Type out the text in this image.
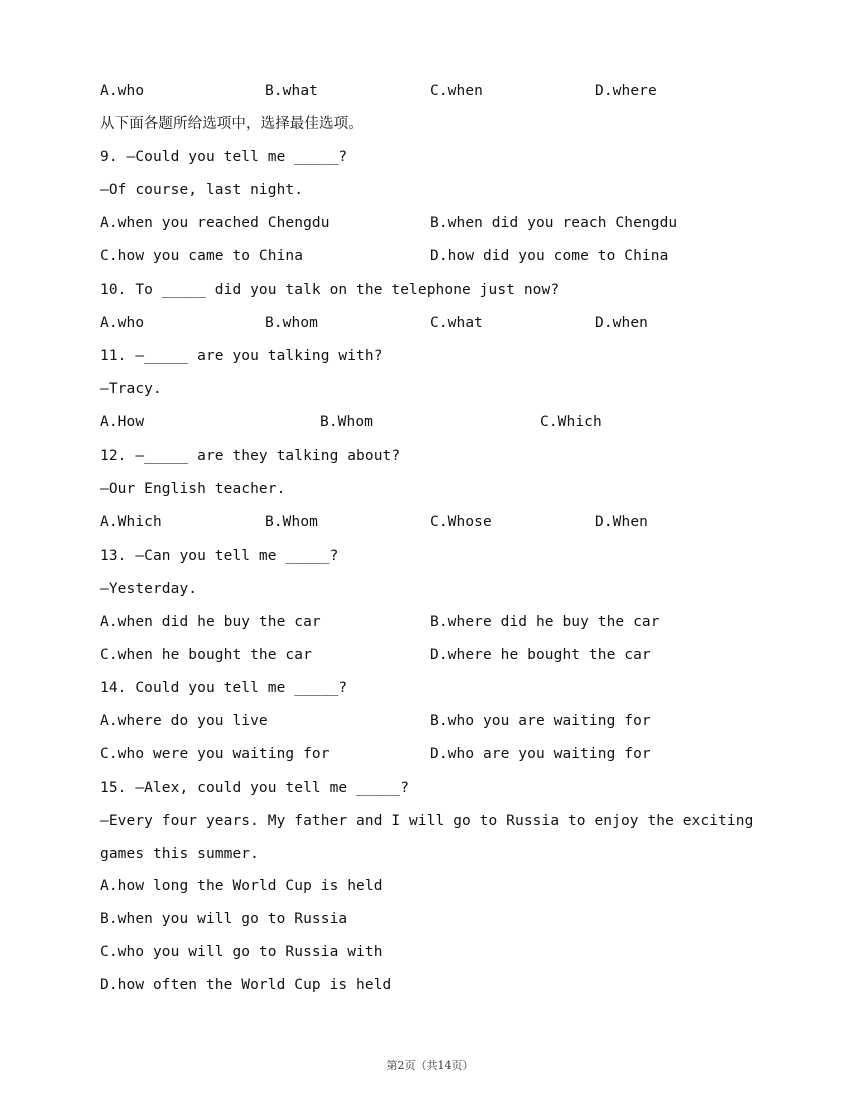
A.who	B.what	C.when	D.where
从下面各题所给选项中，选择最佳选项。
9. —Could you tell me _____?
—Of course, last night.
A.when you reached Chengdu	B.when did you reach Chengdu
C.how you came to China	D.how did you come to China
10. To _____ did you talk on the telephone just now?
A.who	B.whom	C.what	D.when
11. —_____ are you talking with?
—Tracy.
A.How	B.Whom	C.Which
12. —_____ are they talking about?
—Our English teacher.
A.Which	B.Whom	C.Whose	D.When
13. —Can you tell me _____?
—Yesterday.
A.when did he buy the car	B.where did he buy the car
C.when he bought the car	D.where he bought the car
14. Could you tell me _____?
A.where do you live	B.who you are waiting for
C.who were you waiting for	D.who are you waiting for
15. —Alex, could you tell me _____?
—Every four years. My father and I will go to Russia to enjoy the exciting
games this summer.
A.how long the World Cup is held
B.when you will go to Russia
C.who you will go to Russia with
D.how often the World Cup is held
第2页（共14页）
